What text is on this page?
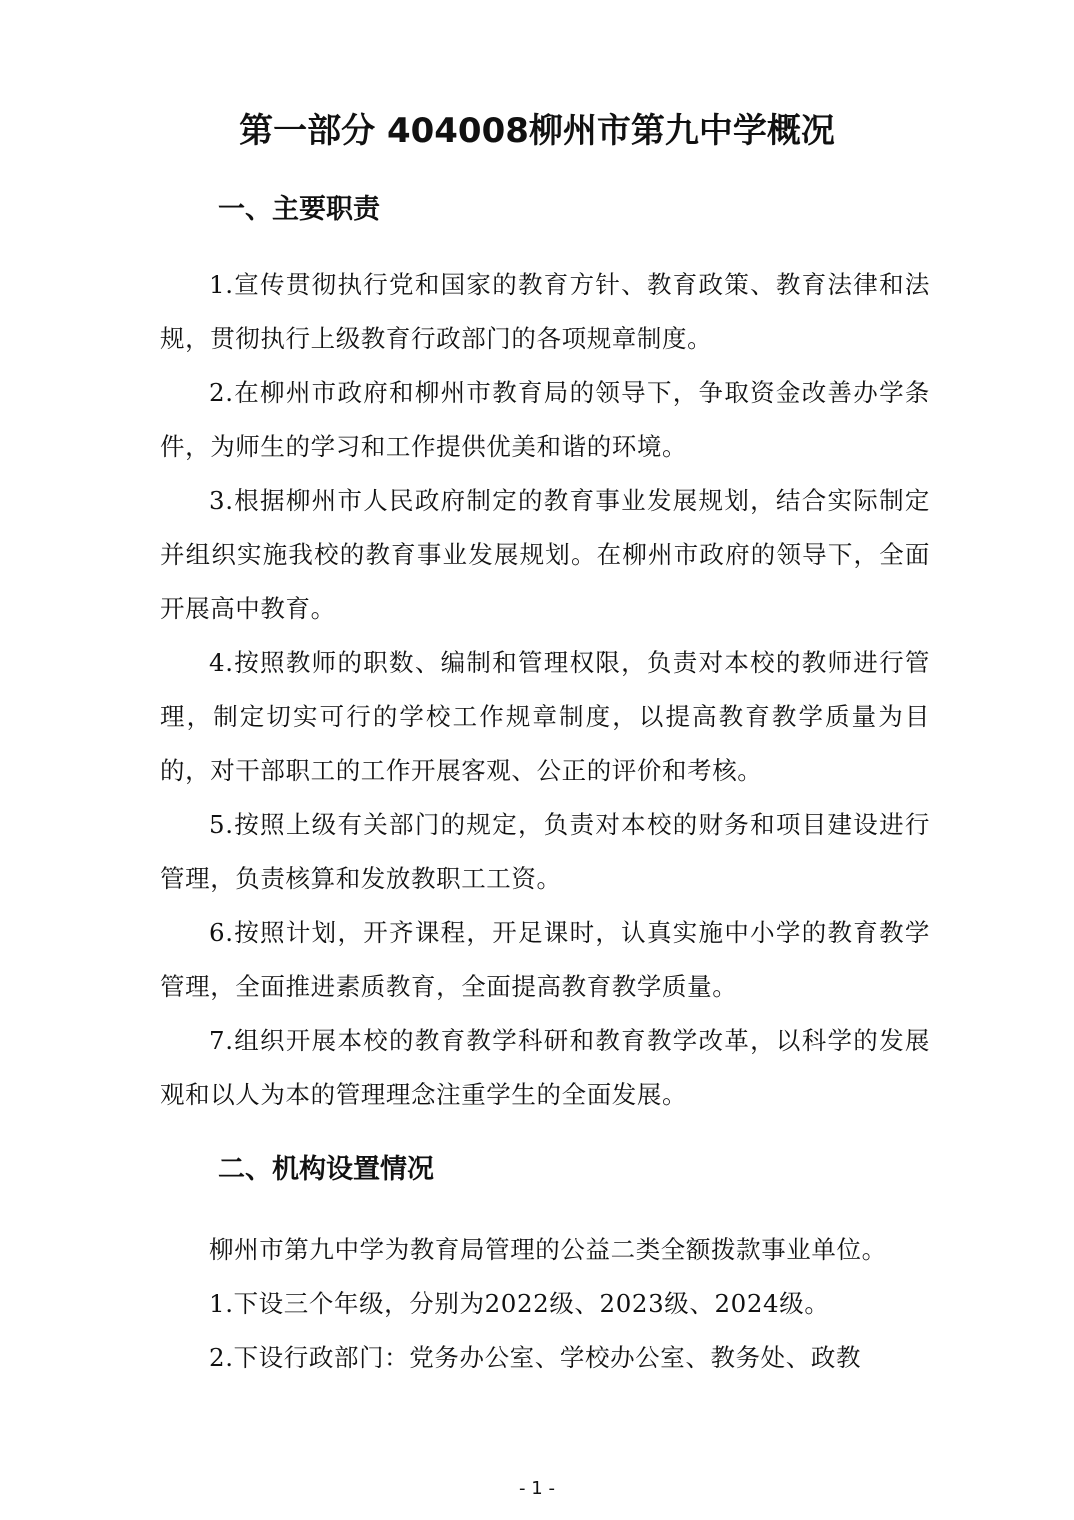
第一部分 404008柳州市第九中学概况
一、主要职责

1.宣传贯彻执行党和国家的教育方针、教育政策、教育法律和法规，贯彻执行上级教育行政部门的各项规章制度。

2.在柳州市政府和柳州市教育局的领导下，争取资金改善办学条件，为师生的学习和工作提供优美和谐的环境。

3.根据柳州市人民政府制定的教育事业发展规划，结合实际制定并组织实施我校的教育事业发展规划。在柳州市政府的领导下，全面开展高中教育。

4.按照教师的职数、编制和管理权限，负责对本校的教师进行管理，制定切实可行的学校工作规章制度，以提高教育教学质量为目的，对干部职工的工作开展客观、公正的评价和考核。

5.按照上级有关部门的规定，负责对本校的财务和项目建设进行管理，负责核算和发放教职工工资。

6.按照计划，开齐课程，开足课时，认真实施中小学的教育教学管理，全面推进素质教育，全面提高教育教学质量。

7.组织开展本校的教育教学科研和教育教学改革，以科学的发展观和以人为本的管理理念注重学生的全面发展。

二、机构设置情况

柳州市第九中学为教育局管理的公益二类全额拨款事业单位。

1.下设三个年级，分别为2022级、2023级、2024级。

2.下设行政部门：党务办公室、学校办公室、教务处、政教

- 1 -
